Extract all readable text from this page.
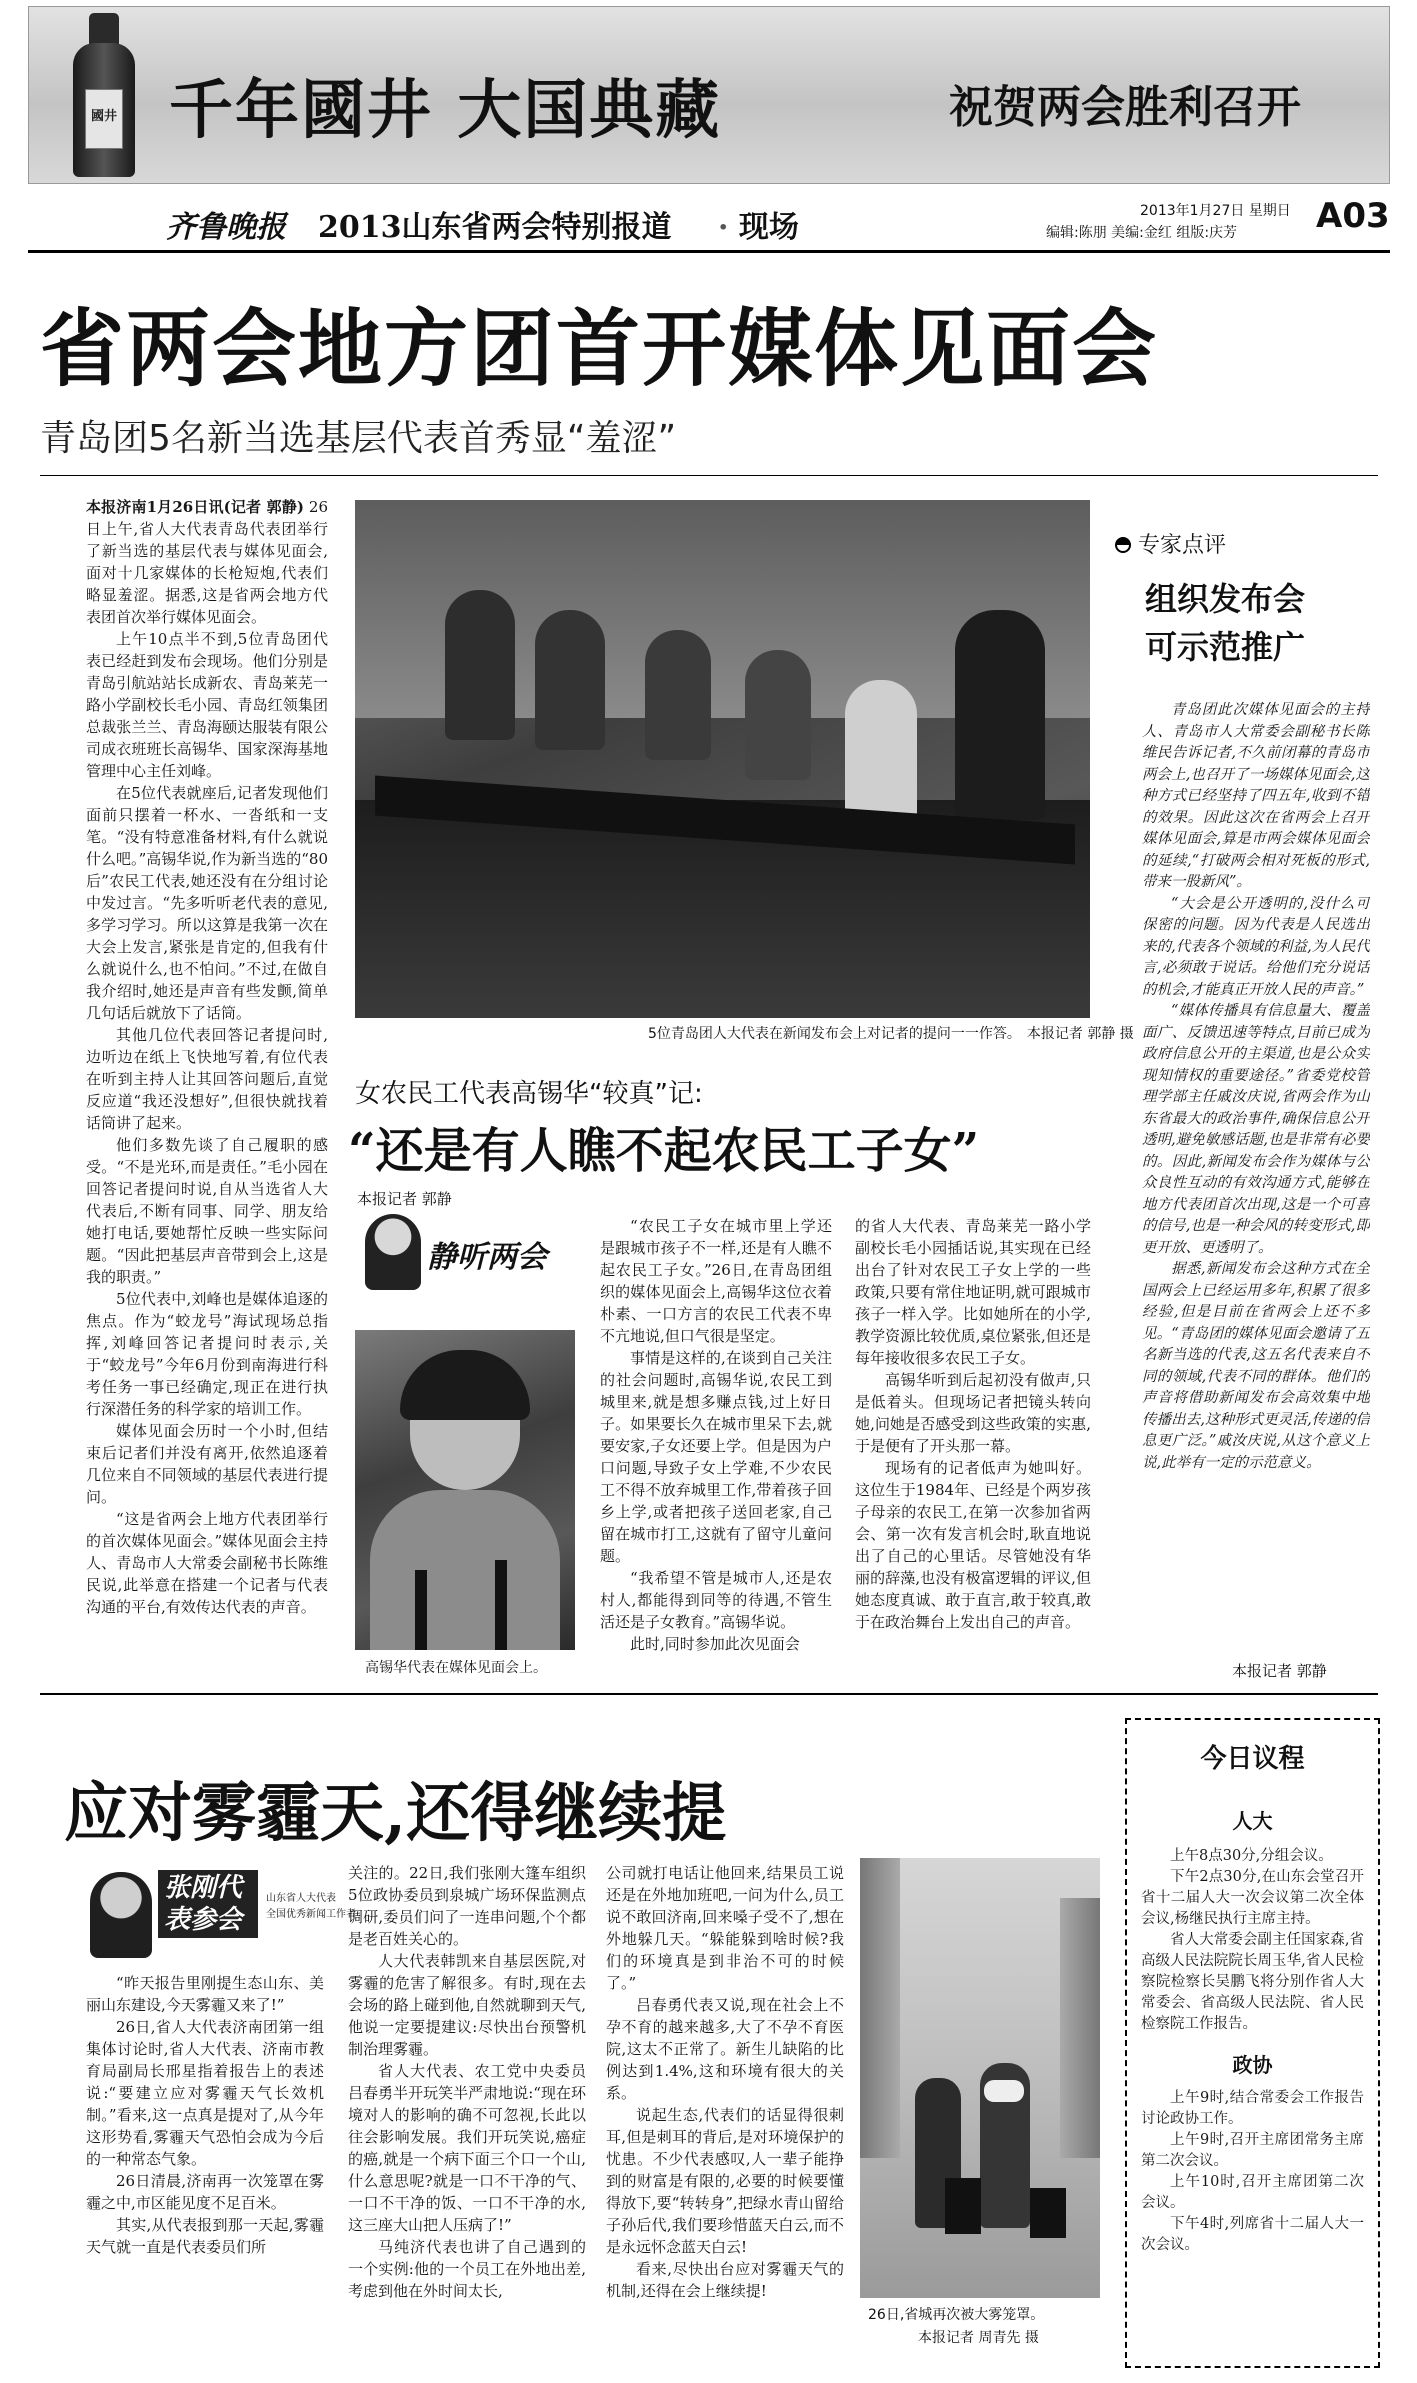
國井 千年國井 大国典藏	祝贺两会胜利召开
齐鲁晚报 2013山东省两会特别报道 · 现场	2013年1月27日 星期日
编辑:陈朋 美编:金红 组版:庆芳 A03
省两会地方团首开媒体见面会
青岛团5名新当选基层代表首秀显“羞涩”

本报济南1月26日讯(记者 郭静) 26日上午,省人大代表青岛代表团举行了新当选的基层代表与媒体见面会,面对十几家媒体的长枪短炮,代表们略显羞涩。据悉,这是省两会地方代表团首次举行媒体见面会。

上午10点半不到,5位青岛团代表已经赶到发布会现场。他们分别是青岛引航站站长成新农、青岛莱芜一路小学副校长毛小园、青岛红领集团总裁张兰兰、青岛海颐达服装有限公司成衣班班长高锡华、国家深海基地管理中心主任刘峰。

在5位代表就座后,记者发现他们面前只摆着一杯水、一沓纸和一支笔。“没有特意准备材料,有什么就说什么吧。”高锡华说,作为新当选的“80后”农民工代表,她还没有在分组讨论中发过言。“先多听听老代表的意见,多学习学习。所以这算是我第一次在大会上发言,紧张是肯定的,但我有什么就说什么,也不怕问。”不过,在做自我介绍时,她还是声音有些发颤,简单几句话后就放下了话筒。

其他几位代表回答记者提问时,边听边在纸上飞快地写着,有位代表在听到主持人让其回答问题后,直觉反应道“我还没想好”,但很快就找着话筒讲了起来。

他们多数先谈了自己履职的感受。“不是光环,而是责任。”毛小园在回答记者提问时说,自从当选省人大代表后,不断有同事、同学、朋友给她打电话,要她帮忙反映一些实际问题。“因此把基层声音带到会上,这是我的职责。”

5位代表中,刘峰也是媒体追逐的焦点。作为“蛟龙号”海试现场总指挥,刘峰回答记者提问时表示,关于“蛟龙号”今年6月份到南海进行科考任务一事已经确定,现正在进行执行深潜任务的科学家的培训工作。

媒体见面会历时一个小时,但结束后记者们并没有离开,依然追逐着几位来自不同领域的基层代表进行提问。

“这是省两会上地方代表团举行的首次媒体见面会。”媒体见面会主持人、青岛市人大常委会副秘书长陈维民说,此举意在搭建一个记者与代表沟通的平台,有效传达代表的声音。

5位青岛团人大代表在新闻发布会上对记者的提问一一作答。 本报记者 郭静 摄
专家点评
组织发布会
可示范推广

青岛团此次媒体见面会的主持人、青岛市人大常委会副秘书长陈维民告诉记者,不久前闭幕的青岛市两会上,也召开了一场媒体见面会,这种方式已经坚持了四五年,收到不错的效果。因此这次在省两会上召开媒体见面会,算是市两会媒体见面会的延续,“打破两会相对死板的形式,带来一股新风”。

“大会是公开透明的,没什么可保密的问题。因为代表是人民选出来的,代表各个领域的利益,为人民代言,必须敢于说话。给他们充分说话的机会,才能真正开放人民的声音。”

“媒体传播具有信息量大、覆盖面广、反馈迅速等特点,目前已成为政府信息公开的主渠道,也是公众实现知情权的重要途径。”省委党校管理学部主任戚汝庆说,省两会作为山东省最大的政治事件,确保信息公开透明,避免敏感话题,也是非常有必要的。因此,新闻发布会作为媒体与公众良性互动的有效沟通方式,能够在地方代表团首次出现,这是一个可喜的信号,也是一种会风的转变形式,即更开放、更透明了。

据悉,新闻发布会这种方式在全国两会上已经运用多年,积累了很多经验,但是目前在省两会上还不多见。“青岛团的媒体见面会邀请了五名新当选的代表,这五名代表来自不同的领域,代表不同的群体。他们的声音将借助新闻发布会高效集中地传播出去,这种形式更灵活,传递的信息更广泛。”戚汝庆说,从这个意义上说,此举有一定的示范意义。

本报记者 郭静
女农民工代表高锡华“较真”记:
“还是有人瞧不起农民工子女”
本报记者 郭静
静听两会
高锡华代表在媒体见面会上。

“农民工子女在城市里上学还是跟城市孩子不一样,还是有人瞧不起农民工子女。”26日,在青岛团组织的媒体见面会上,高锡华这位衣着朴素、一口方言的农民工代表不卑不亢地说,但口气很是坚定。

事情是这样的,在谈到自己关注的社会问题时,高锡华说,农民工到城里来,就是想多赚点钱,过上好日子。如果要长久在城市里呆下去,就要安家,子女还要上学。但是因为户口问题,导致子女上学难,不少农民工不得不放弃城里工作,带着孩子回乡上学,或者把孩子送回老家,自己留在城市打工,这就有了留守儿童问题。

“我希望不管是城市人,还是农村人,都能得到同等的待遇,不管生活还是子女教育。”高锡华说。

此时,同时参加此次见面会

的省人大代表、青岛莱芜一路小学副校长毛小园插话说,其实现在已经出台了针对农民工子女上学的一些政策,只要有常住地证明,就可跟城市孩子一样入学。比如她所在的小学,教学资源比较优质,桌位紧张,但还是每年接收很多农民工子女。

高锡华听到后起初没有做声,只是低着头。但现场记者把镜头转向她,问她是否感受到这些政策的实惠,于是便有了开头那一幕。

现场有的记者低声为她叫好。这位生于1984年、已经是个两岁孩子母亲的农民工,在第一次参加省两会、第一次有发言机会时,耿直地说出了自己的心里话。尽管她没有华丽的辞藻,也没有极富逻辑的评议,但她态度真诚、敢于直言,敢于较真,敢于在政治舞台上发出自己的声音。

应对雾霾天,还得继续提
张刚代表参会
山东省人大代表
全国优秀新闻工作者

“昨天报告里刚提生态山东、美丽山东建设,今天雾霾又来了!”

26日,省人大代表济南团第一组集体讨论时,省人大代表、济南市教育局副局长邢星指着报告上的表述说:“要建立应对雾霾天气长效机制。”看来,这一点真是提对了,从今年这形势看,雾霾天气恐怕会成为今后的一种常态气象。

26日清晨,济南再一次笼罩在雾霾之中,市区能见度不足百米。

其实,从代表报到那一天起,雾霾天气就一直是代表委员们所

关注的。22日,我们张刚大篷车组织5位政协委员到泉城广场环保监测点调研,委员们问了一连串问题,个个都是老百姓关心的。

人大代表韩凯来自基层医院,对雾霾的危害了解很多。有时,现在去会场的路上碰到他,自然就聊到天气,他说一定要提建议:尽快出台预警机制治理雾霾。

省人大代表、农工党中央委员吕春勇半开玩笑半严肃地说:“现在环境对人的影响的确不可忽视,长此以往会影响发展。我们开玩笑说,癌症的癌,就是一个病下面三个口一个山,什么意思呢?就是一口不干净的气、一口不干净的饭、一口不干净的水,这三座大山把人压病了!”

马纯济代表也讲了自己遇到的一个实例:他的一个员工在外地出差,考虑到他在外时间太长,

公司就打电话让他回来,结果员工说还是在外地加班吧,一问为什么,员工说不敢回济南,回来嗓子受不了,想在外地躲几天。“躲能躲到啥时候?我们的环境真是到非治不可的时候了。”

吕春勇代表又说,现在社会上不孕不育的越来越多,大了不孕不育医院,这太不正常了。新生儿缺陷的比例达到1.4%,这和环境有很大的关系。

说起生态,代表们的话显得很刺耳,但是刺耳的背后,是对环境保护的忧患。不少代表感叹,人一辈子能挣到的财富是有限的,必要的时候要懂得放下,要“转转身”,把绿水青山留给子孙后代,我们要珍惜蓝天白云,而不是永远怀念蓝天白云!

看来,尽快出台应对雾霾天气的机制,还得在会上继续提!

26日,省城再次被大雾笼罩。
本报记者 周青先 摄
今日议程
人大

上午8点30分,分组会议。

下午2点30分,在山东会堂召开省十二届人大一次会议第二次全体会议,杨继民执行主席主持。

省人大常委会副主任国家森,省高级人民法院院长周玉华,省人民检察院检察长吴鹏飞将分别作省人大常委会、省高级人民法院、省人民检察院工作报告。

政协

上午9时,结合常委会工作报告讨论政协工作。

上午9时,召开主席团常务主席第二次会议。

上午10时,召开主席团第二次会议。

下午4时,列席省十二届人大一次会议。
